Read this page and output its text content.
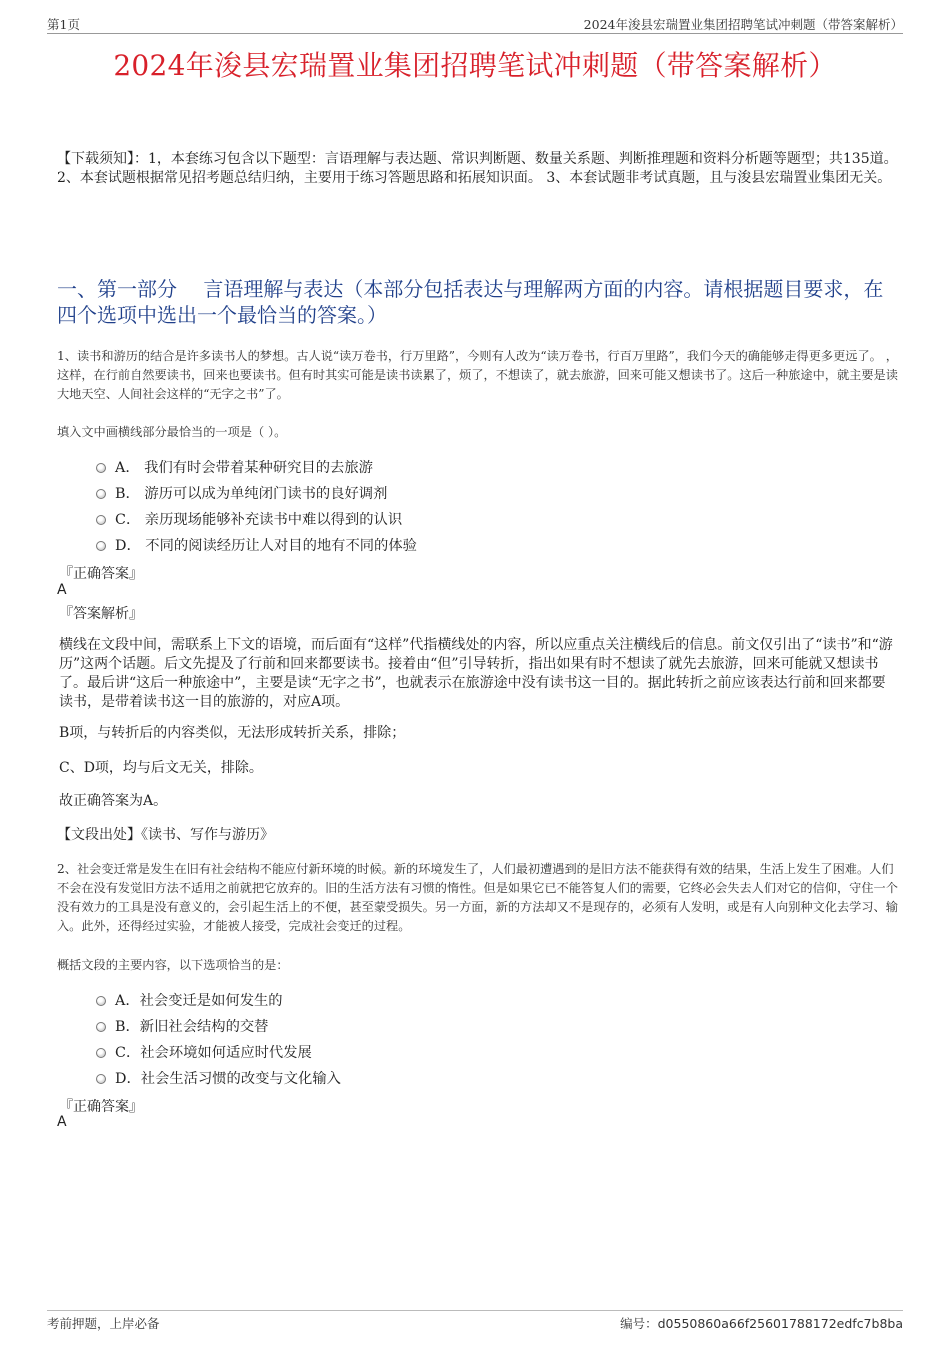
第1页	2024年浚县宏瑞置业集团招聘笔试冲刺题（带答案解析）
2024年浚县宏瑞置业集团招聘笔试冲刺题（带答案解析）
【下载须知】：1，本套练习包含以下题型：言语理解与表达题、常识判断题、数量关系题、判断推理题和资料分析题等题型；共135道。 2、本套试题根据常见招考题总结归纳，主要用于练习答题思路和拓展知识面。 3、本套试题非考试真题，且与浚县宏瑞置业集团无关。
一、第一部分　 言语理解与表达（本部分包括表达与理解两方面的内容。请根据题目要求，在四个选项中选出一个最恰当的答案。）
1、读书和游历的结合是许多读书人的梦想。古人说“读万卷书，行万里路”，今则有人改为“读万卷书，行百万里路”，我们今天的确能够走得更多更远了。 ，这样，在行前自然要读书，回来也要读书。但有时其实可能是读书读累了，烦了，不想读了，就去旅游，回来可能又想读书了。这后一种旅途中，就主要是读大地天空、人间社会这样的“无字之书”了。
填入文中画横线部分最恰当的一项是（ ）。
A． 我们有时会带着某种研究目的去旅游
B． 游历可以成为单纯闭门读书的良好调剂
C． 亲历现场能够补充读书中难以得到的认识
D． 不同的阅读经历让人对目的地有不同的体验
『正确答案』
A
『答案解析』
横线在文段中间，需联系上下文的语境，而后面有“这样”代指横线处的内容，所以应重点关注横线后的信息。前文仅引出了“读书”和“游历”这两个话题。后文先提及了行前和回来都要读书。接着由“但”引导转折，指出如果有时不想读了就先去旅游，回来可能就又想读书了。最后讲“这后一种旅途中”，主要是读“无字之书”，也就表示在旅游途中没有读书这一目的。据此转折之前应该表达行前和回来都要读书，是带着读书这一目的旅游的，对应A项。
B项，与转折后的内容类似，无法形成转折关系，排除；
C、D项，均与后文无关，排除。
故正确答案为A。
【文段出处】《读书、写作与游历》
2、社会变迁常是发生在旧有社会结构不能应付新环境的时候。新的环境发生了，人们最初遭遇到的是旧方法不能获得有效的结果，生活上发生了困难。人们不会在没有发觉旧方法不适用之前就把它放弃的。旧的生活方法有习惯的惰性。但是如果它已不能答复人们的需要，它终必会失去人们对它的信仰，守住一个没有效力的工具是没有意义的，会引起生活上的不便，甚至蒙受损失。另一方面，新的方法却又不是现存的，必须有人发明，或是有人向别种文化去学习、输入。此外，还得经过实验，才能被人接受，完成社会变迁的过程。
概括文段的主要内容，以下选项恰当的是：
A．社会变迁是如何发生的
B．新旧社会结构的交替
C．社会环境如何适应时代发展
D．社会生活习惯的改变与文化输入
『正确答案』
A
考前押题，上岸必备	编号：d0550860a66f25601788172edfc7b8ba
